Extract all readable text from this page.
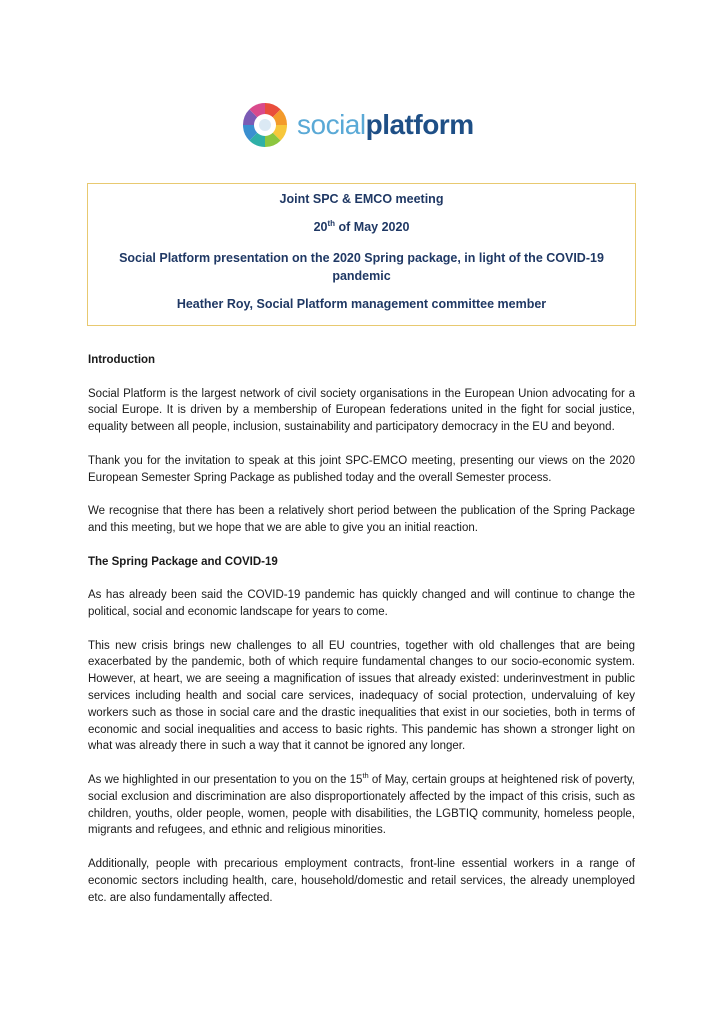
socialplatform
Joint SPC & EMCO meeting
20th of May 2020
Social Platform presentation on the 2020 Spring package, in light of the COVID-19 pandemic
Heather Roy, Social Platform management committee member
Introduction

Social Platform is the largest network of civil society organisations in the European Union advocating for a social Europe. It is driven by a membership of European federations united in the fight for social justice, equality between all people, inclusion, sustainability and participatory democracy in the EU and beyond.

Thank you for the invitation to speak at this joint SPC-EMCO meeting, presenting our views on the 2020 European Semester Spring Package as published today and the overall Semester process.

We recognise that there has been a relatively short period between the publication of the Spring Package and this meeting, but we hope that we are able to give you an initial reaction.

The Spring Package and COVID-19

As has already been said the COVID-19 pandemic has quickly changed and will continue to change the political, social and economic landscape for years to come.

This new crisis brings new challenges to all EU countries, together with old challenges that are being exacerbated by the pandemic, both of which require fundamental changes to our socio-economic system. However, at heart, we are seeing a magnification of issues that already existed: underinvestment in public services including health and social care services, inadequacy of social protection, undervaluing of key workers such as those in social care and the drastic inequalities that exist in our societies, both in terms of economic and social inequalities and access to basic rights. This pandemic has shown a stronger light on what was already there in such a way that it cannot be ignored any longer.

As we highlighted in our presentation to you on the 15th of May, certain groups at heightened risk of poverty, social exclusion and discrimination are also disproportionately affected by the impact of this crisis, such as children, youths, older people, women, people with disabilities, the LGBTIQ community, homeless people, migrants and refugees, and ethnic and religious minorities.

Additionally, people with precarious employment contracts, front-line essential workers in a range of economic sectors including health, care, household/domestic and retail services, the already unemployed etc. are also fundamentally affected.
